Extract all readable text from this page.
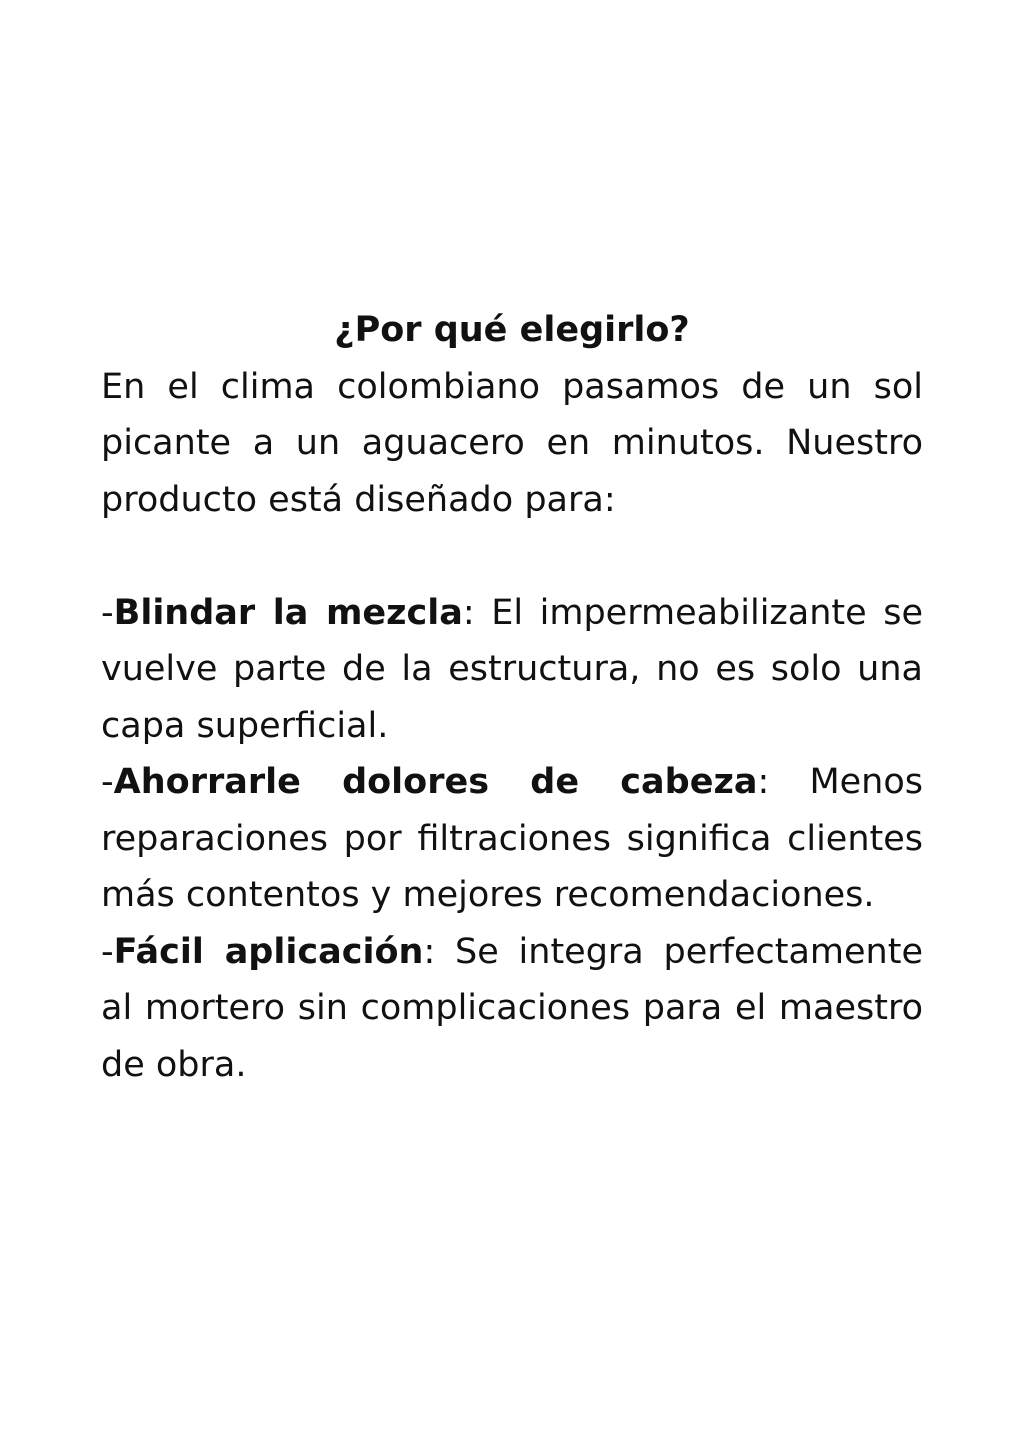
¿Por qué elegirlo?

En el clima colombiano pasamos de un sol picante a un aguacero en minutos. Nuestro producto está diseñado para:

-Blindar la mezcla: El impermeabilizante se vuelve parte de la estructura, no es solo una capa superficial.

-Ahorrarle dolores de cabeza: Menos reparaciones por filtraciones significa clientes más contentos y mejores recomendaciones.

-Fácil aplicación: Se integra perfectamente al mortero sin complicaciones para el maestro de obra.
